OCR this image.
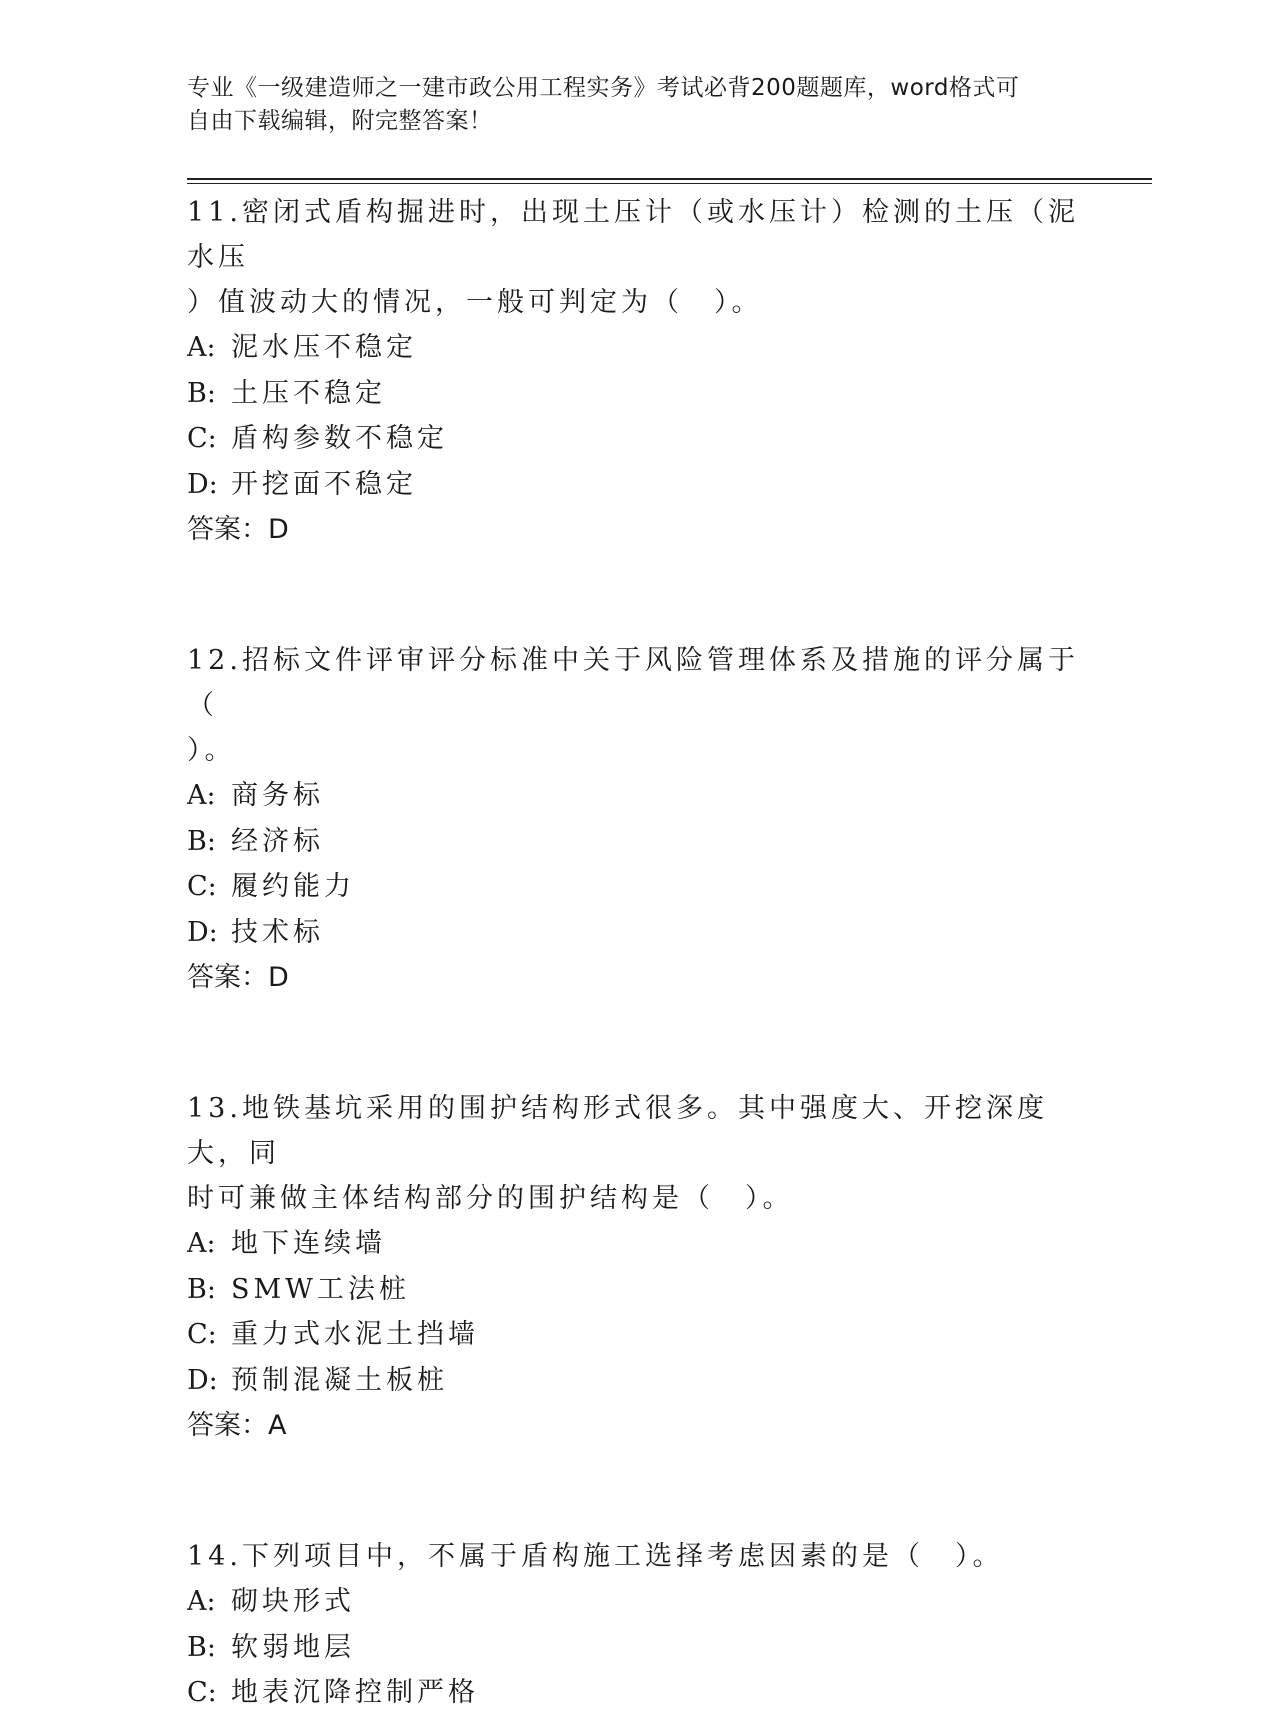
专业《一级建造师之一建市政公用工程实务》考试必背200题题库，word格式可
自由下载编辑，附完整答案！
11.密闭式盾构掘进时，出现土压计（或水压计）检测的土压（泥水压
）值波动大的情况，一般可判定为（　）。
A: 泥水压不稳定
B: 土压不稳定
C: 盾构参数不稳定
D: 开挖面不稳定
答案：D
12.招标文件评审评分标准中关于风险管理体系及措施的评分属于（
）。
A: 商务标
B: 经济标
C: 履约能力
D: 技术标
答案：D
13.地铁基坑采用的围护结构形式很多。其中强度大、开挖深度大，同
时可兼做主体结构部分的围护结构是（　）。
A: 地下连续墙
B: SMW工法桩
C: 重力式水泥土挡墙
D: 预制混凝土板桩
答案：A
14.下列项目中，不属于盾构施工选择考虑因素的是（　）。
A: 砌块形式
B: 软弱地层
C: 地表沉降控制严格
